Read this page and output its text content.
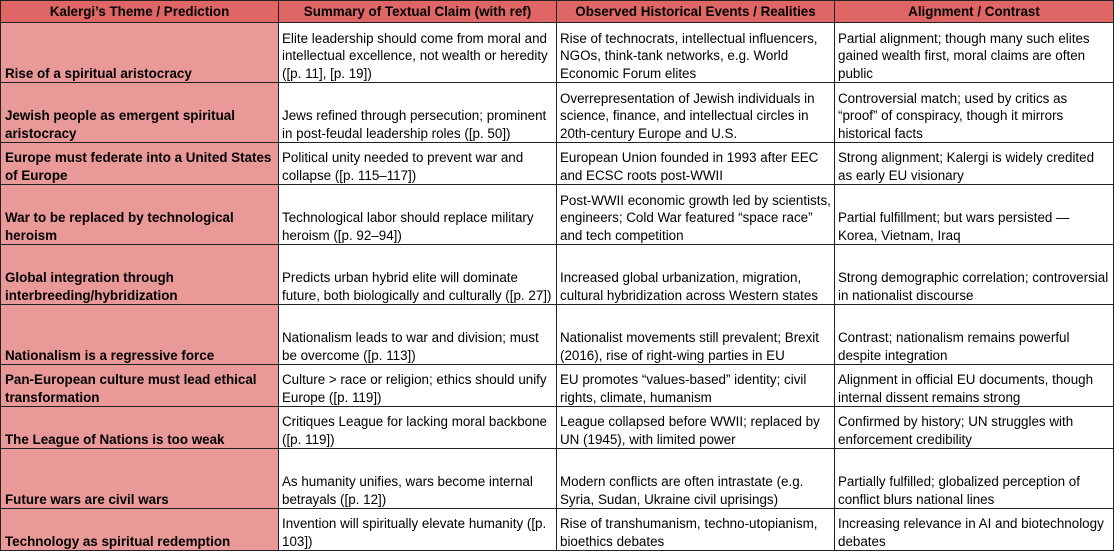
Kalergi’s Theme / Prediction	Summary of Textual Claim (with ref)	Observed Historical Events / Realities	Alignment / Contrast
Rise of a spiritual aristocracy	Elite leadership should come from moral and intellectual excellence, not wealth or heredity ([p. 11], [p. 19])	Rise of technocrats, intellectual influencers, NGOs, think-tank networks, e.g. World Economic Forum elites	Partial alignment; though many such elites gained wealth first, moral claims are often public
Jewish people as emergent spiritual aristocracy	Jews refined through persecution; prominent in post-feudal leadership roles ([p. 50])	Overrepresentation of Jewish individuals in science, finance, and intellectual circles in 20th-century Europe and U.S.	Controversial match; used by critics as “proof” of conspiracy, though it mirrors historical facts
Europe must federate into a United States of Europe	Political unity needed to prevent war and collapse ([p. 115–117])	European Union founded in 1993 after EEC and ECSC roots post-WWII	Strong alignment; Kalergi is widely credited as early EU visionary
War to be replaced by technological heroism	Technological labor should replace military heroism ([p. 92–94])	Post-WWII economic growth led by scientists, engineers; Cold War featured “space race” and tech competition	Partial fulfillment; but wars persisted — Korea, Vietnam, Iraq
Global integration through interbreeding/hybridization	Predicts urban hybrid elite will dominate future, both biologically and culturally ([p. 27])	Increased global urbanization, migration, cultural hybridization across Western states	Strong demographic correlation; controversial in nationalist discourse
Nationalism is a regressive force	Nationalism leads to war and division; must be overcome ([p. 113])	Nationalist movements still prevalent; Brexit (2016), rise of right-wing parties in EU	Contrast; nationalism remains powerful despite integration
Pan-European culture must lead ethical transformation	Culture > race or religion; ethics should unify Europe ([p. 119])	EU promotes “values-based” identity; civil rights, climate, humanism	Alignment in official EU documents, though internal dissent remains strong
The League of Nations is too weak	Critiques League for lacking moral backbone ([p. 119])	League collapsed before WWII; replaced by UN (1945), with limited power	Confirmed by history; UN struggles with enforcement credibility
Future wars are civil wars	As humanity unifies, wars become internal betrayals ([p. 12])	Modern conflicts are often intrastate (e.g. Syria, Sudan, Ukraine civil uprisings)	Partially fulfilled; globalized perception of conflict blurs national lines
Technology as spiritual redemption	Invention will spiritually elevate humanity ([p. 103])	Rise of transhumanism, techno-utopianism, bioethics debates	Increasing relevance in AI and biotechnology debates
